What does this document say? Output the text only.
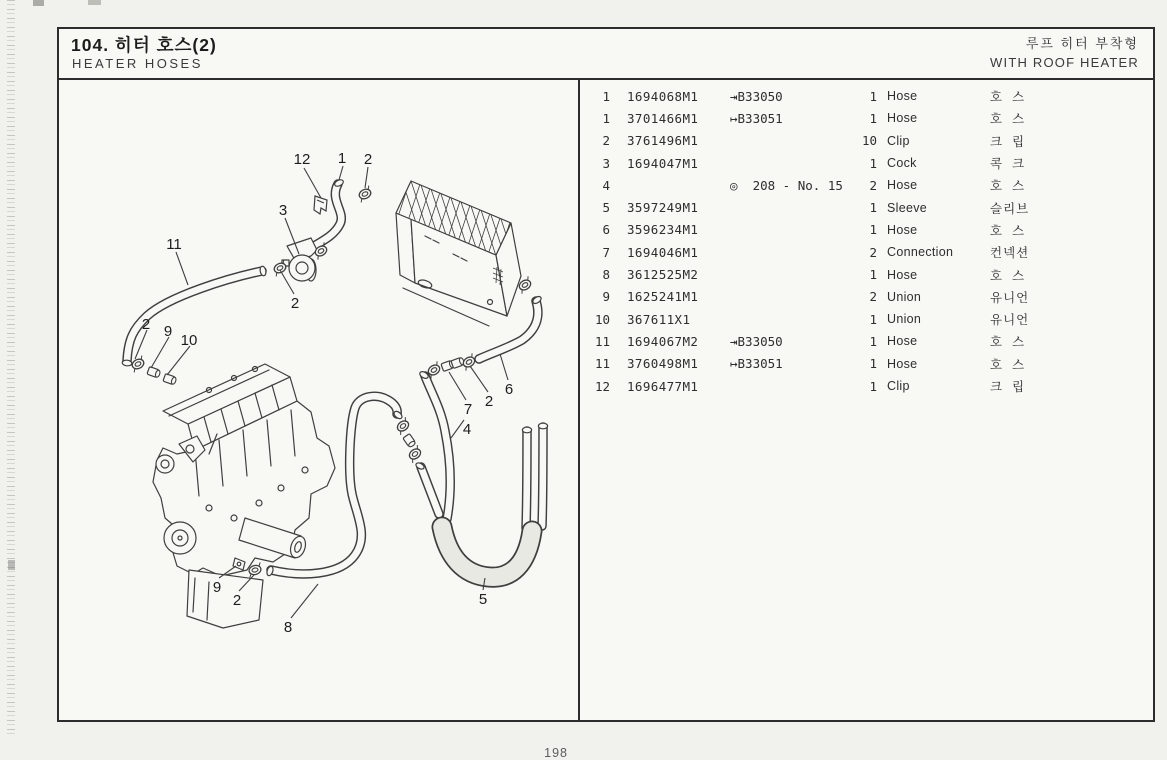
104. 히터 호스(2)
HEATER HOSES
루프 히터 부착형
WITH ROOF HEATER
12 1 2
3
11
2
2 9
10
7 2
6
4
5
9
2
8
198
1 1694068M1	⇥B33050	1 Hose	호  스
1 3701466M1	↦B33051	1 Hose	호  스
2 3761496M1	10 Clip	크  립
3 1694047M1	1 Cock	콕  크
4	◎  208 - No. 15	2 Hose	호  스
5 3597249M1	1 Sleeve	슬리브
6 3596234M1	1 Hose	호  스
7 1694046M1	2 Connection	컨넥션
8 3612525M2	1 Hose	호  스
9 1625241M1	2 Union	유니언
10 367611X1	1 Union	유니언
11 1694067M2	⇥B33050	1 Hose	호  스
11 3760498M1	↦B33051	1 Hose	호  스
12 1696477M1	1 Clip	크  립
